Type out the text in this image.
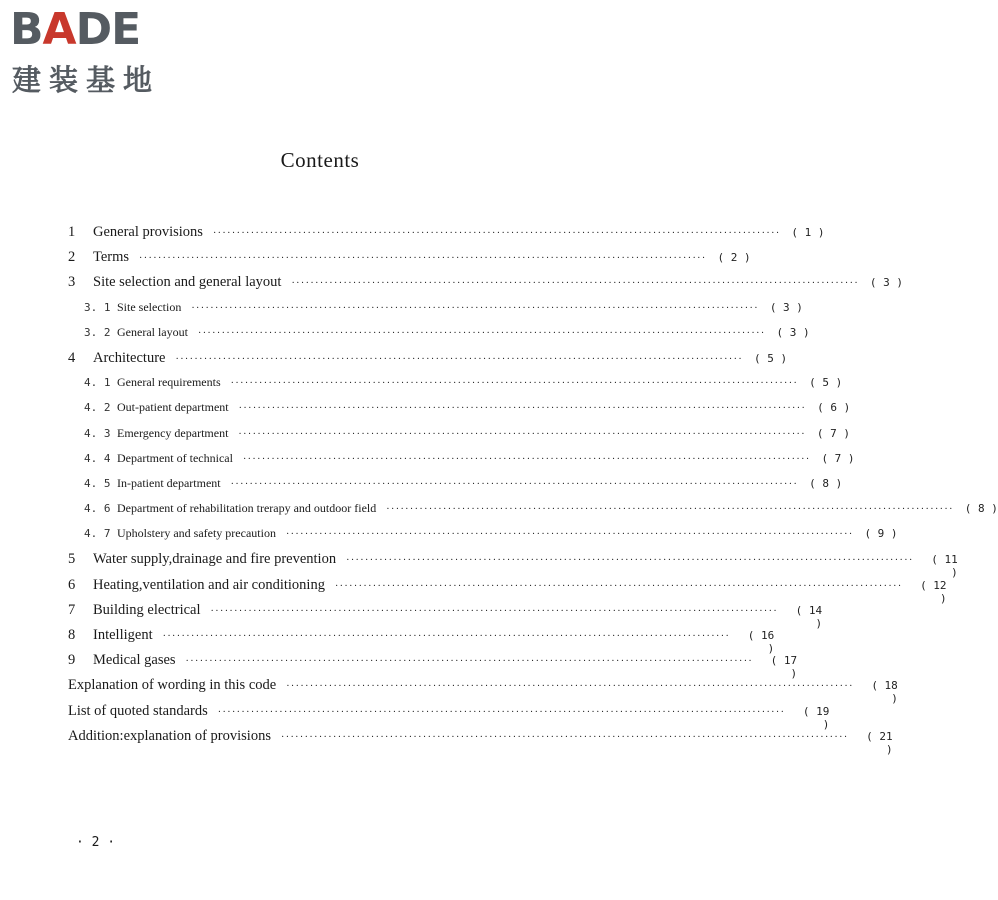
BADE
建装基地
Contents
1	General provisions ························································································································ ( 1 )
2	Terms ························································································································ ( 2 )
3	Site selection and general layout ························································································································ ( 3 )
3. 1 Site selection ························································································································ ( 3 )
3. 2 General layout ························································································································ ( 3 )
4	Architecture ························································································································ ( 5 )
4. 1 General requirements ························································································································ ( 5 )
4. 2 Out-patient department ························································································································ ( 6 )
4. 3 Emergency department ························································································································ ( 7 )
4. 4 Department of technical ························································································································ ( 7 )
4. 5 In-patient department ························································································································ ( 8 )
4. 6 Department of rehabilitation trerapy and outdoor field ························································································································ ( 8 )
4. 7 Upholstery and safety precaution ························································································································ ( 9 )
5	Water supply,drainage and fire prevention ························································································································	( 11 )
6	Heating,ventilation and air conditioning ························································································································	( 12 )
7	Building electrical ························································································································	( 14 )
8	Intelligent ························································································································	( 16 )
9	Medical gases ························································································································	( 17 )
Explanation of wording in this code ························································································································	( 18 )
List of quoted standards ························································································································	( 19 )
Addition:explanation of provisions ························································································································	( 21 )
· 2 ·
